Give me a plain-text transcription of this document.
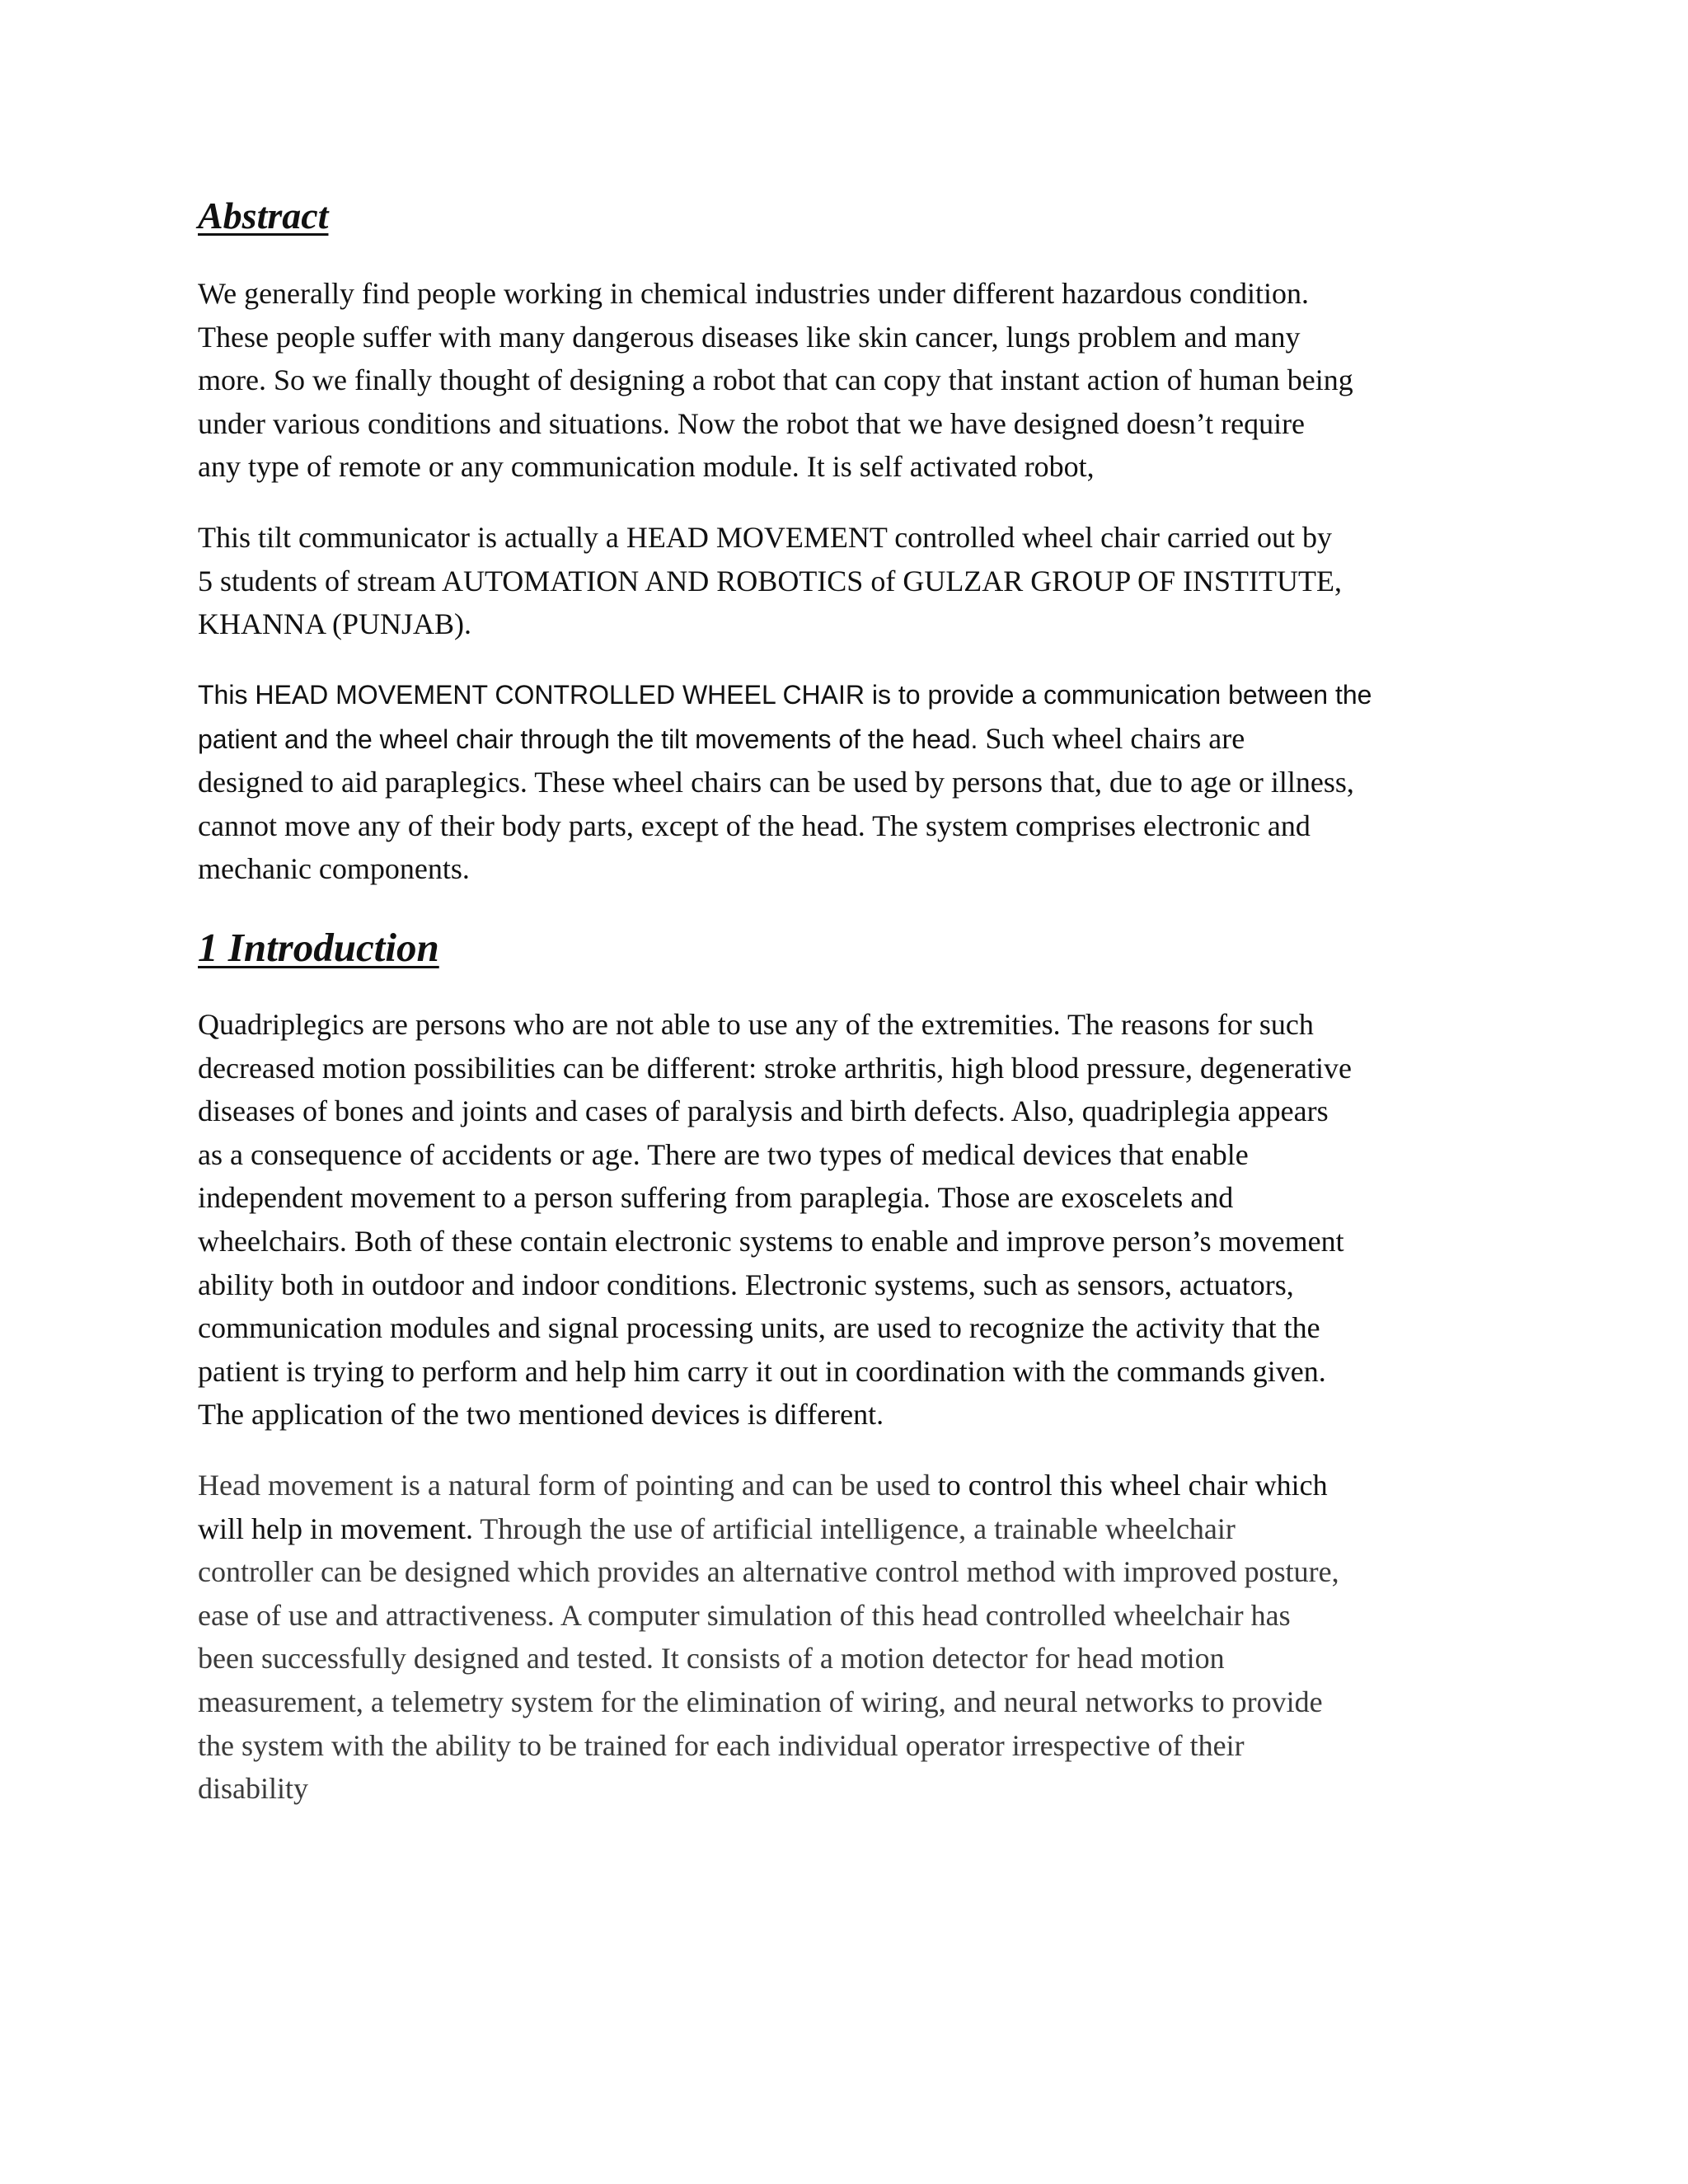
Abstract

We generally find people working in chemical industries under different hazardous condition.
These people suffer with many dangerous diseases like skin cancer, lungs problem and many
more. So we finally thought of designing a robot that can copy that instant action of human being
under various conditions and situations. Now the robot that we have designed doesn’t require
any type of remote or any communication module. It is self activated robot,

This tilt communicator is actually a HEAD MOVEMENT controlled wheel chair carried out by
5 students of stream AUTOMATION AND ROBOTICS of GULZAR GROUP OF INSTITUTE,
KHANNA (PUNJAB).

This HEAD MOVEMENT CONTROLLED WHEEL CHAIR is to provide a communication between the
patient and the wheel chair through the tilt movements of the head. Such wheel chairs are
designed to aid paraplegics. These wheel chairs can be used by persons that, due to age or illness,
cannot move any of their body parts, except of the head. The system comprises electronic and
mechanic components.

1 Introduction

Quadriplegics are persons who are not able to use any of the extremities. The reasons for such
decreased motion possibilities can be different: stroke arthritis, high blood pressure, degenerative
diseases of bones and joints and cases of paralysis and birth defects. Also, quadriplegia appears
as a consequence of accidents or age. There are two types of medical devices that enable
independent movement to a person suffering from paraplegia. Those are exoscelets and
wheelchairs. Both of these contain electronic systems to enable and improve person’s movement
ability both in outdoor and indoor conditions. Electronic systems, such as sensors, actuators,
communication modules and signal processing units, are used to recognize the activity that the
patient is trying to perform and help him carry it out in coordination with the commands given.
The application of the two mentioned devices is different.

Head movement is a natural form of pointing and can be used to control this wheel chair which
will help in movement. Through the use of artificial intelligence, a trainable wheelchair
controller can be designed which provides an alternative control method with improved posture,
ease of use and attractiveness. A computer simulation of this head controlled wheelchair has
been successfully designed and tested. It consists of a motion detector for head motion
measurement, a telemetry system for the elimination of wiring, and neural networks to provide
the system with the ability to be trained for each individual operator irrespective of their
disability
